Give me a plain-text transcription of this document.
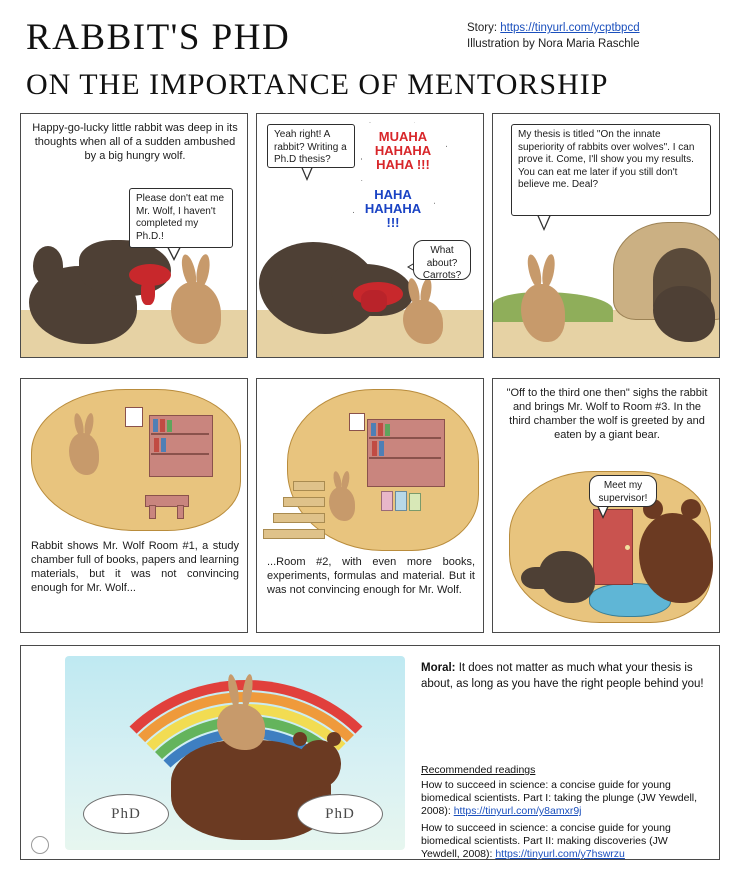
RABBIT'S PHD
ON THE IMPORTANCE OF MENTORSHIP
Story: https://tinyurl.com/ycptbpcd
Illustration by Nora Maria Raschle
Happy-go-lucky little rabbit was deep in its thoughts when all of a sudden ambushed by a big hungry wolf.
Please don't eat me Mr. Wolf, I haven't completed my Ph.D.!
Yeah right! A rabbit? Writing a Ph.D thesis?
MUAHA
HAHAHA
HAHA !!!
HAHA
HAHAHA
!!!
What about? Carrots?
My thesis is titled "On the innate superiority of rabbits over wolves". I can prove it. Come, I'll show you my results. You can eat me later if you still don't believe me. Deal?
Rabbit shows Mr. Wolf Room #1, a study chamber full of books, papers and learning materials, but it was not convincing enough for Mr. Wolf...
...Room #2, with even more books, experiments, formulas and material. But it was not convincing enough for Mr. Wolf.
"Off to the third one then" sighs the rabbit and brings Mr. Wolf to Room #3. In the third chamber the wolf is greeted by and eaten by a giant bear.
Meet my supervisor!
PhD	PhD
Moral: It does not matter as much what your thesis is about, as long as you have the right people behind you!
Recommended readings
How to succeed in science: a concise guide for young biomedical scientists. Part I: taking the plunge (JW Yewdell, 2008): https://tinyurl.com/y8amxr9j
How to succeed in science: a concise guide for young biomedical scientists. Part II: making discoveries (JW Yewdell, 2008): https://tinyurl.com/y7hswrzu
